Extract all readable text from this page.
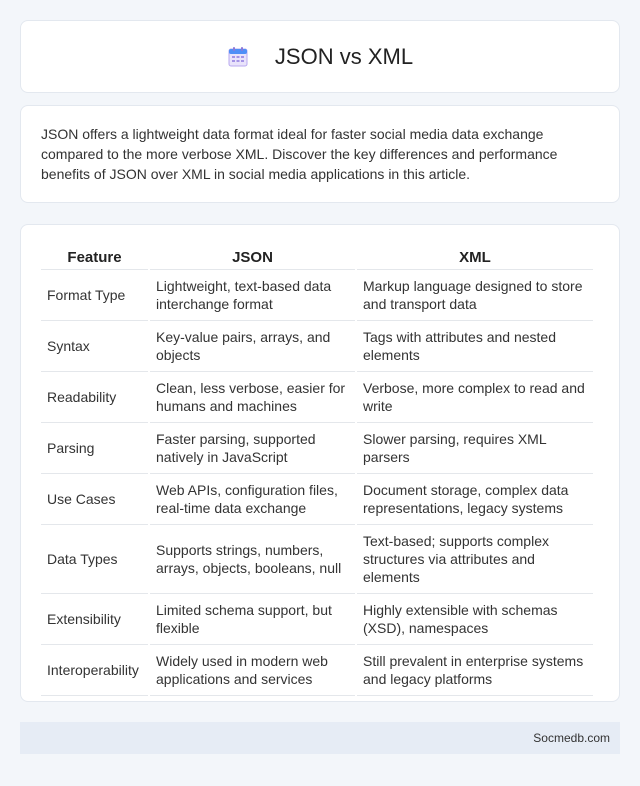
JSON vs XML

JSON offers a lightweight data format ideal for faster social media data exchange compared to the more verbose XML. Discover the key differences and performance benefits of JSON over XML in social media applications in this article.

Feature	JSON	XML
Format Type	Lightweight, text-based data interchange format	Markup language designed to store and transport data
Syntax	Key-value pairs, arrays, and objects	Tags with attributes and nested elements
Readability	Clean, less verbose, easier for humans and machines	Verbose, more complex to read and write
Parsing	Faster parsing, supported natively in JavaScript	Slower parsing, requires XML parsers
Use Cases	Web APIs, configuration files, real-time data exchange	Document storage, complex data representations, legacy systems
Data Types	Supports strings, numbers, arrays, objects, booleans, null	Text-based; supports complex structures via attributes and elements
Extensibility	Limited schema support, but flexible	Highly extensible with schemas (XSD), namespaces
Interoperability	Widely used in modern web applications and services	Still prevalent in enterprise systems and legacy platforms
Socmedb.com
